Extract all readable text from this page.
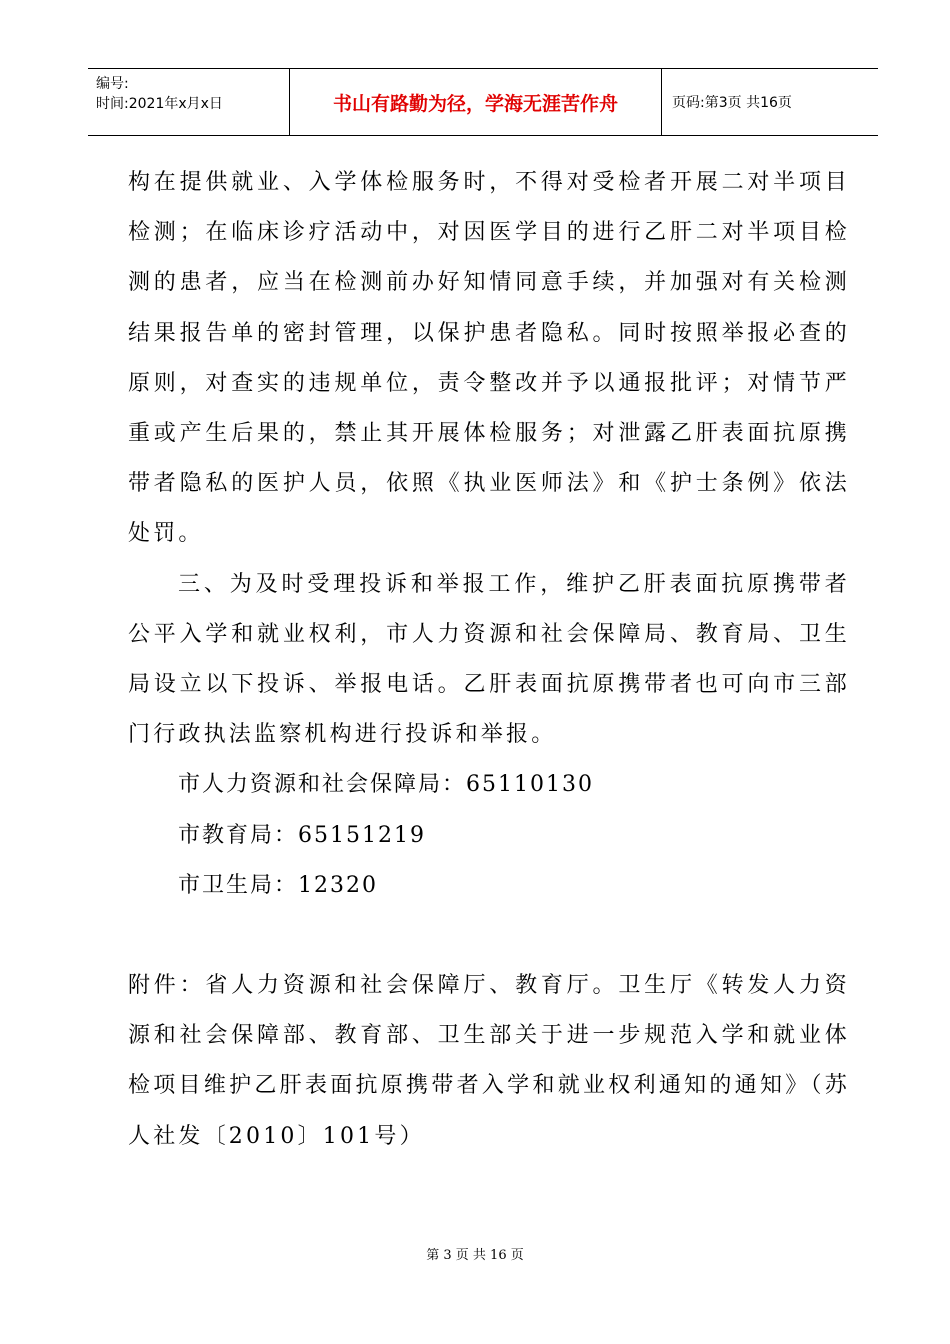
编号:
时间:2021年x月x日	书山有路勤为径，学海无涯苦作舟	页码:第3页 共16页

构在提供就业、入学体检服务时，不得对受检者开展二对半项目检测；在临床诊疗活动中，对因医学目的进行乙肝二对半项目检测的患者，应当在检测前办好知情同意手续，并加强对有关检测结果报告单的密封管理，以保护患者隐私。同时按照举报必查的原则，对查实的违规单位，责令整改并予以通报批评；对情节严重或产生后果的，禁止其开展体检服务；对泄露乙肝表面抗原携带者隐私的医护人员，依照《执业医师法》和《护士条例》依法处罚。

三、为及时受理投诉和举报工作，维护乙肝表面抗原携带者公平入学和就业权利，市人力资源和社会保障局、教育局、卫生局设立以下投诉、举报电话。乙肝表面抗原携带者也可向市三部门行政执法监察机构进行投诉和举报。

市人力资源和社会保障局：65110130

市教育局：65151219

市卫生局：12320

附件：省人力资源和社会保障厅、教育厅。卫生厅《转发人力资源和社会保障部、教育部、卫生部关于进一步规范入学和就业体检项目维护乙肝表面抗原携带者入学和就业权利通知的通知》（苏人社发〔2010〕101号）

第 3 页 共 16 页
